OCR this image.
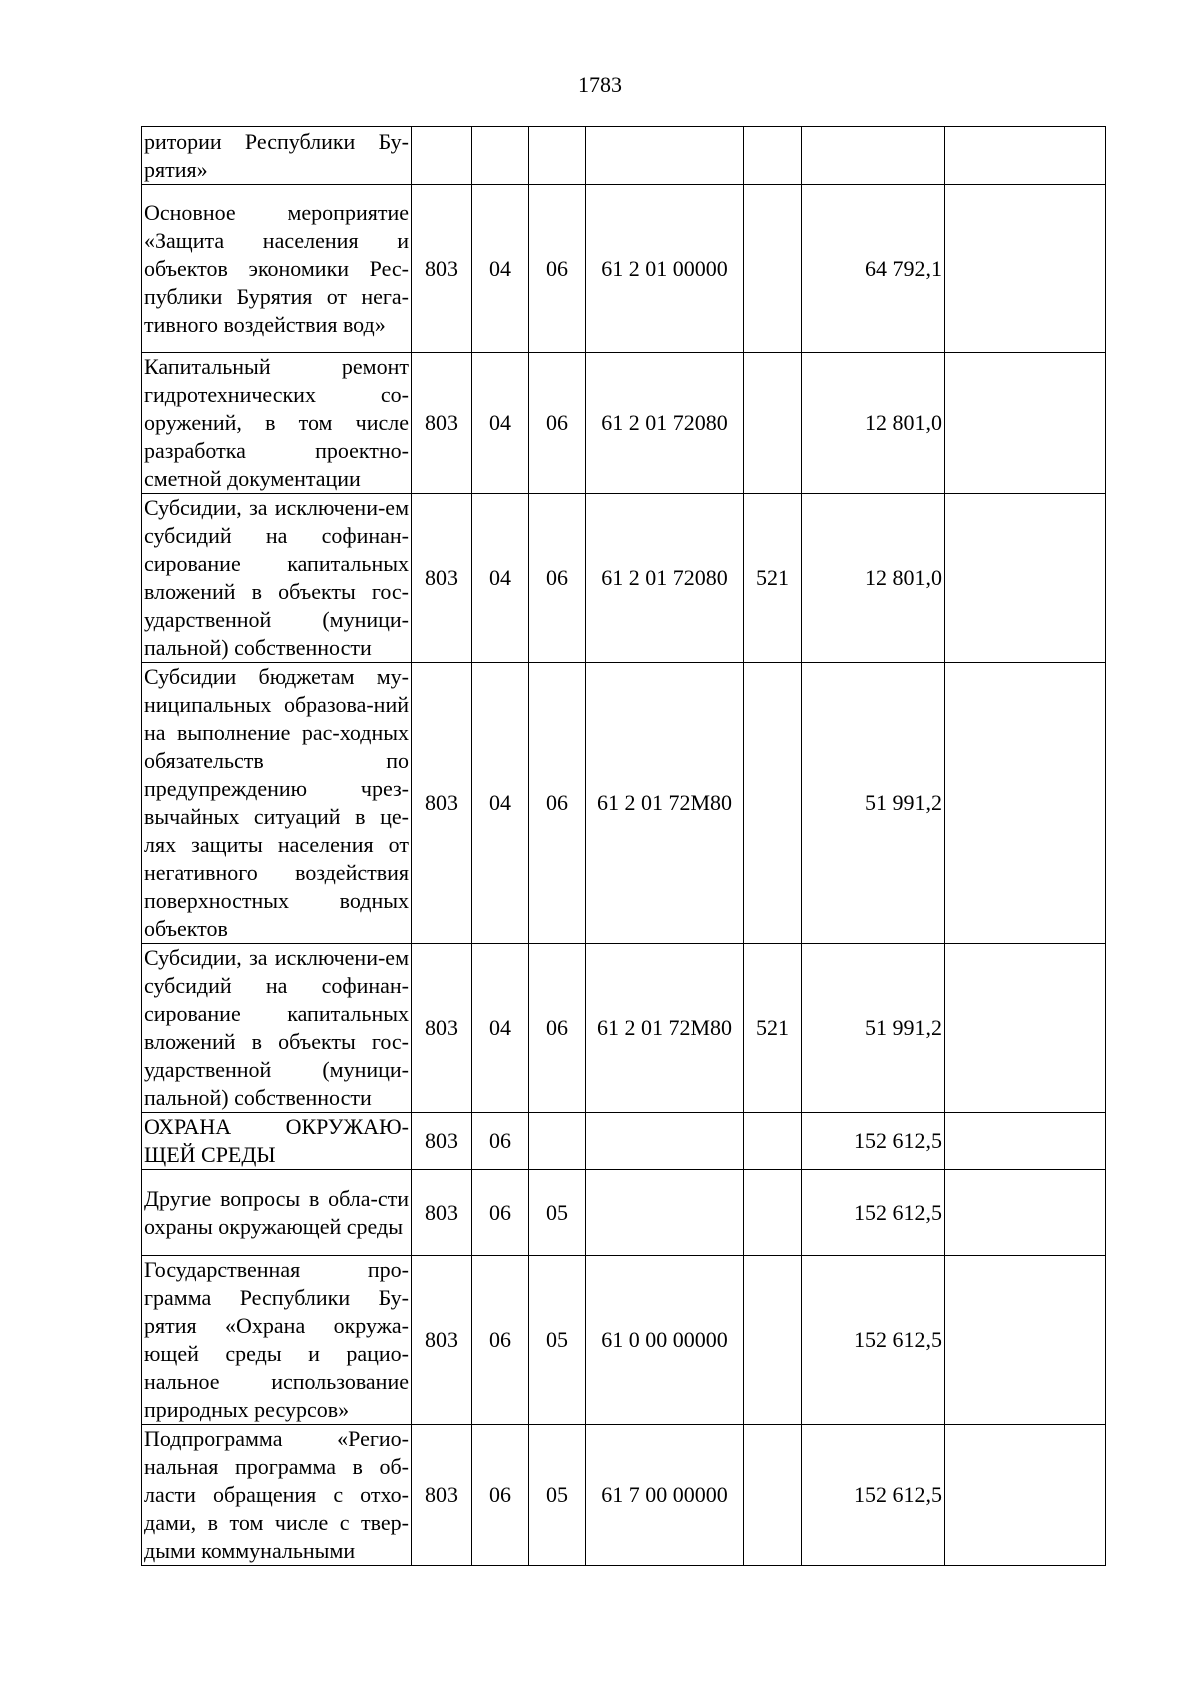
1783
ритории Республики Бу-рятия»							
Основное мероприятие «Защита населения и объектов экономики Рес-публики Бурятия от нега-тивного воздействия вод»	803	04	06	61 2 01 00000		64 792,1	
Капитальный ремонт гидротехнических со-оружений, в том числе разработка проектно-сметной документации	803	04	06	61 2 01 72080		12 801,0	
Субсидии, за исключени-ем субсидий на софинан-сирование капитальных вложений в объекты гос-ударственной (муници-пальной) собственности	803	04	06	61 2 01 72080	521	12 801,0	
Субсидии бюджетам му-ниципальных образова-ний на выполнение рас-ходных обязательств по предупреждению чрез-вычайных ситуаций в це-лях защиты населения от негативного воздействия поверхностных водных объектов	803	04	06	61 2 01 72М80		51 991,2	
Субсидии, за исключени-ем субсидий на софинан-сирование капитальных вложений в объекты гос-ударственной (муници-пальной) собственности	803	04	06	61 2 01 72М80	521	51 991,2	
ОХРАНА ОКРУЖАЮ-ЩЕЙ СРЕДЫ	803	06				152 612,5	
Другие вопросы в обла-сти охраны окружающей среды	803	06	05			152 612,5	
Государственная про-грамма Республики Бу-рятия «Охрана окружа-ющей среды и рацио-нальное использование природных ресурсов»	803	06	05	61 0 00 00000		152 612,5	
Подпрограмма «Регио-нальная программа в об-ласти обращения с отхо-дами, в том числе с твер-дыми коммунальными	803	06	05	61 7 00 00000		152 612,5	
